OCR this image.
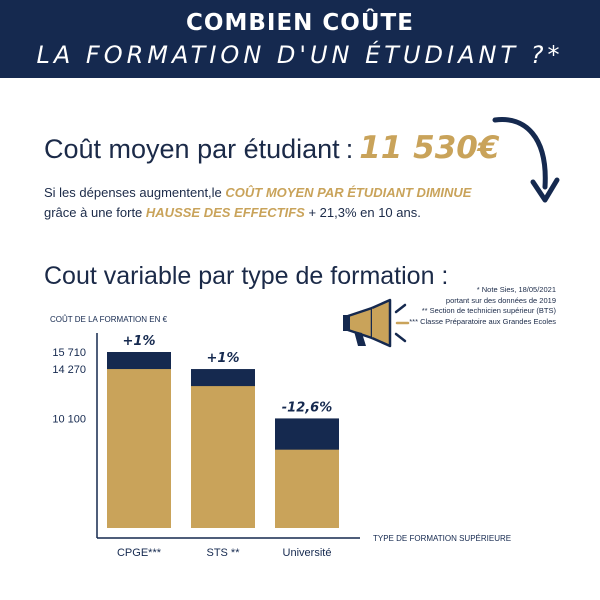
COMBIEN COÛTE
LA FORMATION D'UN ÉTUDIANT ?*
Coût moyen par étudiant : 11 530€
Si les dépenses augmentent,le COÛT MOYEN PAR ÉTUDIANT DIMINUE
grâce à une forte HAUSSE DES EFFECTIFS + 21,3% en 10 ans.
Cout variable par type de formation :	* Note Sies, 18/05/2021
portant sur des données de 2019
** Section de technicien supérieur (BTS)
*** Classe Préparatoire aux Grandes Ecoles
COÛT DE LA FORMATION EN €
TYPE DE FORMATION SUPÉRIEURE
15 710
14 270
10 100
+1%
CPGE***
+1%
STS **
-12,6%
Université
